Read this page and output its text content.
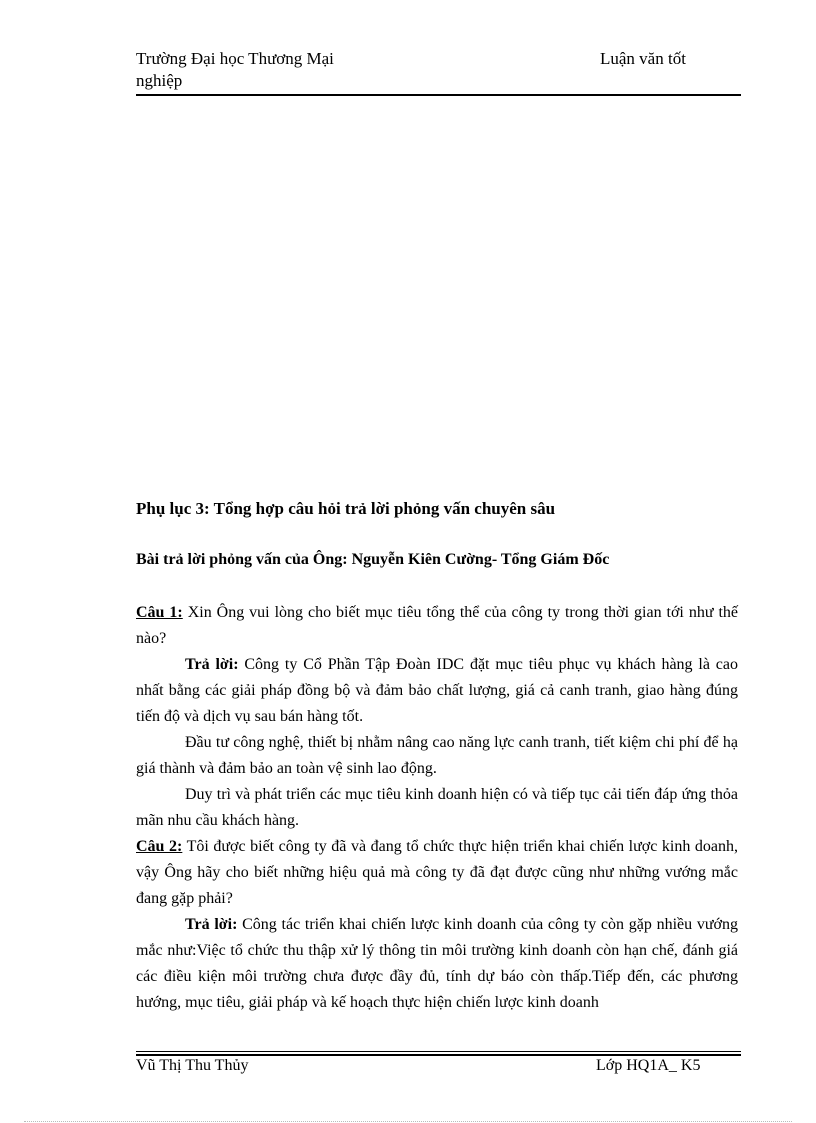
Trường Đại học Thương Mại	Luận văn tốt
nghiệp
Phụ lục 3: Tổng hợp câu hỏi trả lời phỏng vấn chuyên sâu
Bài trả lời phỏng vấn của Ông: Nguyễn Kiên Cường- Tổng Giám Đốc

Câu 1: Xin Ông vui lòng cho biết mục tiêu tổng thể của công ty trong thời gian tới như thế nào?

Trả lời: Công ty Cổ Phần Tập Đoàn IDC đặt mục tiêu phục vụ khách hàng là cao nhất bằng các giải pháp đồng bộ và đảm bảo chất lượng, giá cả canh tranh, giao hàng đúng tiến độ và dịch vụ sau bán hàng tốt.

Đầu tư công nghệ, thiết bị nhằm nâng cao năng lực canh tranh, tiết kiệm chi phí để hạ giá thành và đảm bảo an toàn vệ sinh lao động.

Duy trì và phát triển các mục tiêu kinh doanh hiện có và tiếp tục cải tiến đáp ứng thỏa mãn nhu cầu khách hàng.

Câu 2: Tôi được biết công ty đã và đang tổ chức thực hiện triển khai chiến lược kinh doanh, vậy Ông hãy cho biết những hiệu quả mà công ty đã đạt được cũng như những vướng mắc đang gặp phải?

Trả lời: Công tác triển khai chiến lược kinh doanh của công ty còn gặp nhiều vướng mắc như:Việc tổ chức thu thập xử lý thông tin môi trường kinh doanh còn hạn chế, đánh giá các điều kiện môi trường chưa được đầy đủ, tính dự báo còn thấp.Tiếp đến, các phương hướng, mục tiêu, giải pháp và kế hoạch thực hiện chiến lược kinh doanh

Vũ Thị Thu Thủy	Lớp HQ1A_ K5
